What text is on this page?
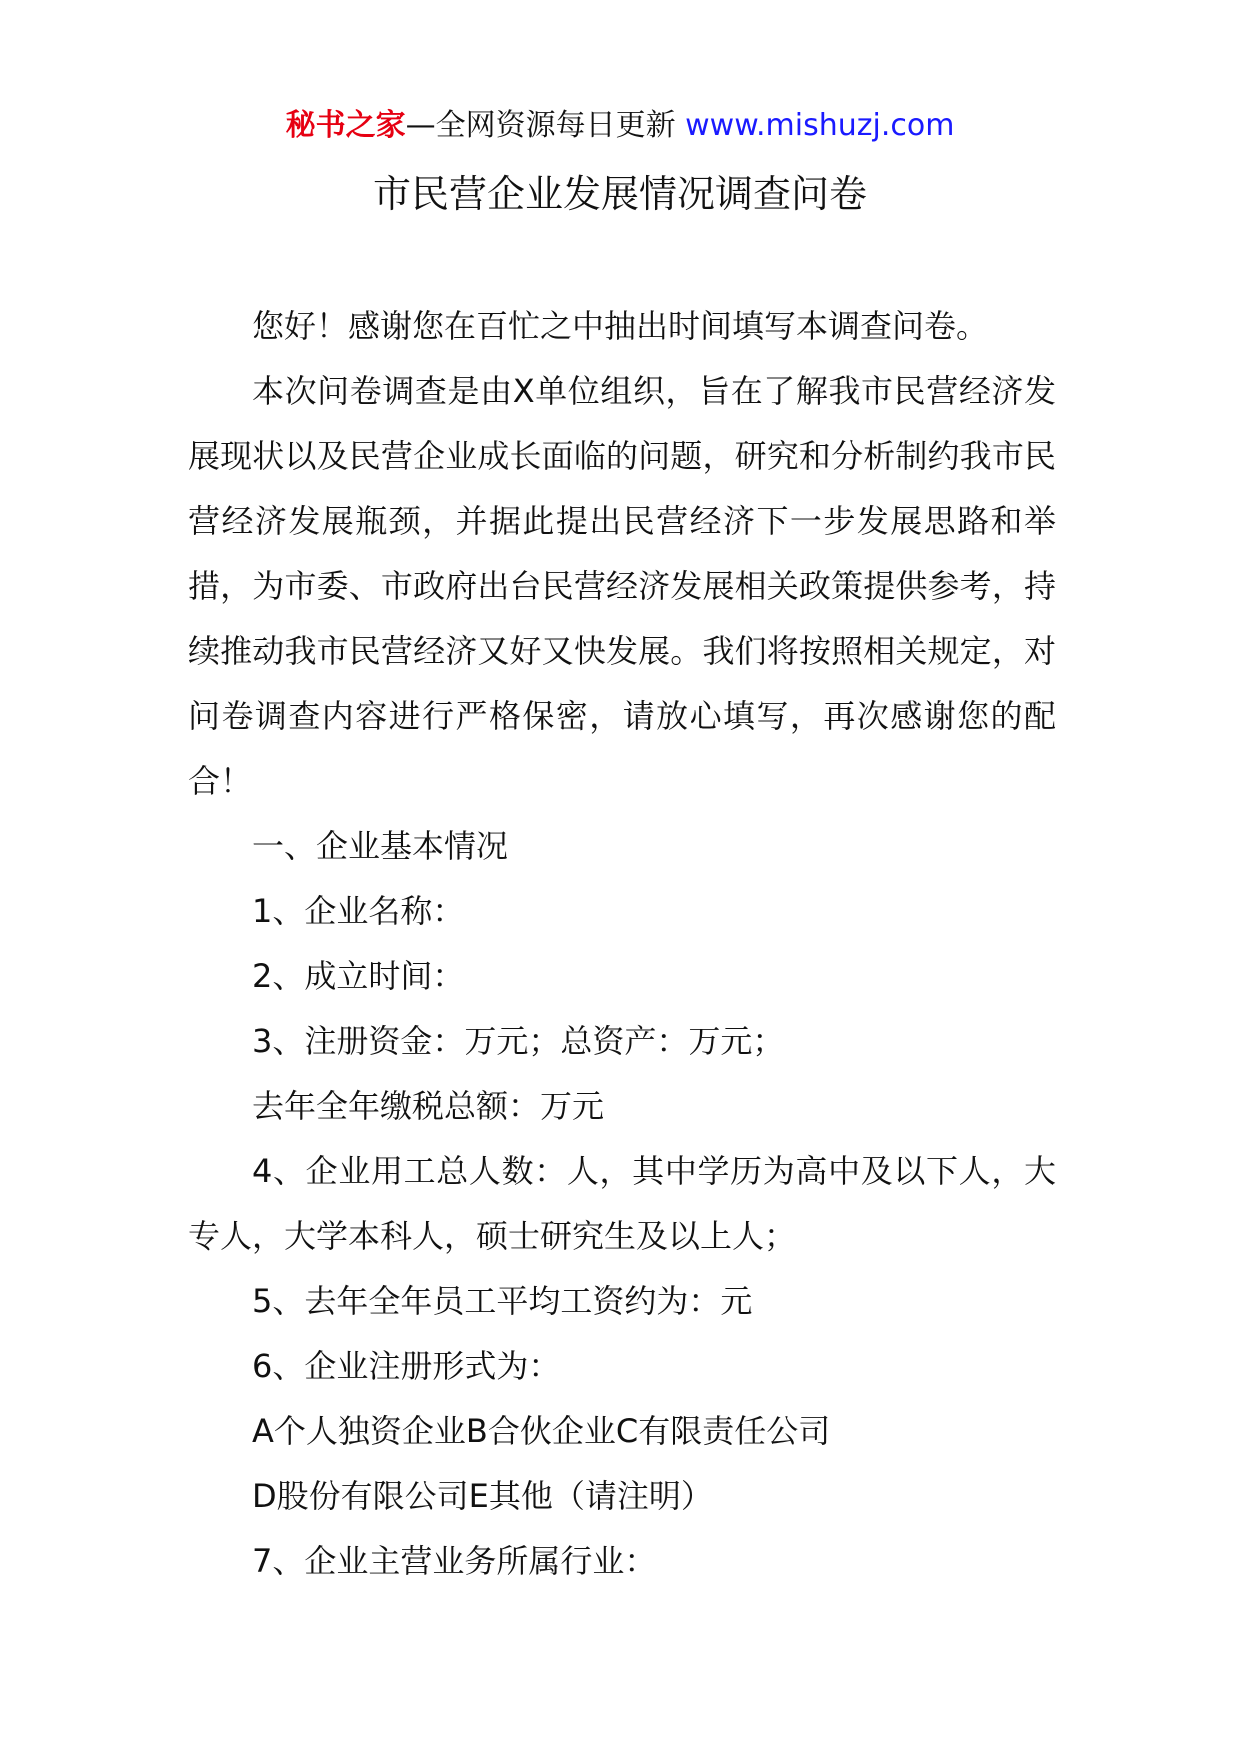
秘书之家—全网资源每日更新 www.mishuzj.com
市民营企业发展情况调查问卷

您好！感谢您在百忙之中抽出时间填写本调查问卷。

本次问卷调查是由X单位组织，旨在了解我市民营经济发展现状以及民营企业成长面临的问题，研究和分析制约我市民营经济发展瓶颈，并据此提出民营经济下一步发展思路和举措，为市委、市政府出台民营经济发展相关政策提供参考，持续推动我市民营经济又好又快发展。我们将按照相关规定，对问卷调查内容进行严格保密，请放心填写，再次感谢您的配合！

一、企业基本情况

1、企业名称：

2、成立时间：

3、注册资金：万元；总资产：万元；

去年全年缴税总额：万元

4、企业用工总人数：人，其中学历为高中及以下人，大专人，大学本科人，硕士研究生及以上人；

5、去年全年员工平均工资约为：元

6、企业注册形式为：

A个人独资企业B合伙企业C有限责任公司

D股份有限公司E其他（请注明）

7、企业主营业务所属行业：
